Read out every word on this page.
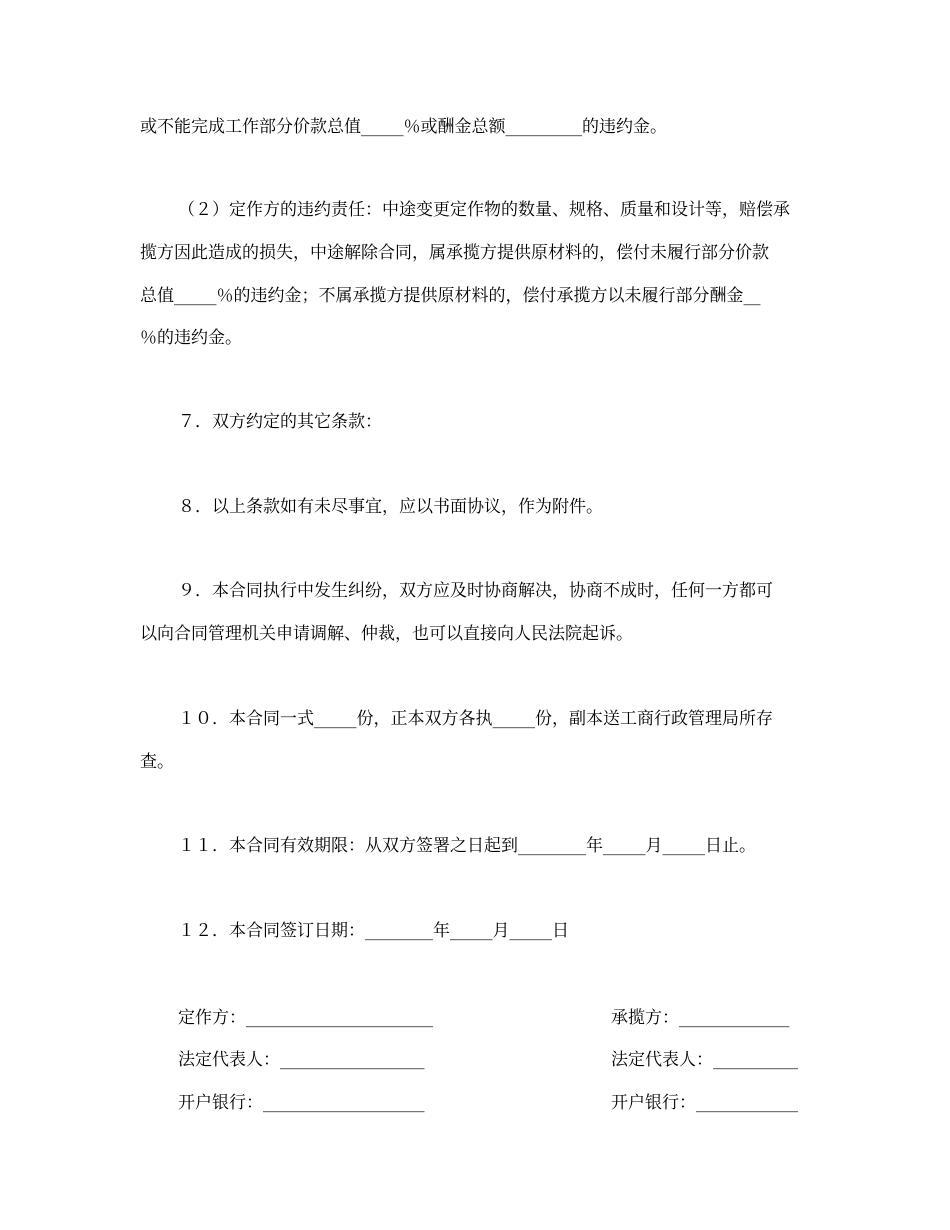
或不能完成工作部分价款总值_____％或酬金总额_________的违约金。
（２）定作方的违约责任：中途变更定作物的数量、规格、质量和设计等，赔偿承
揽方因此造成的损失，中途解除合同，属承揽方提供原材料的，偿付未履行部分价款
总值_____％的违约金；不属承揽方提供原材料的，偿付承揽方以未履行部分酬金__
％的违约金。
７．双方约定的其它条款：
８．以上条款如有未尽事宜，应以书面协议，作为附件。
９．本合同执行中发生纠纷，双方应及时协商解决，协商不成时，任何一方都可
以向合同管理机关申请调解、仲裁，也可以直接向人民法院起诉。
１０．本合同一式_____份，正本双方各执_____份，副本送工商行政管理局所存
查。
１１．本合同有效期限：从双方签署之日起到________年_____月_____日止。
１２．本合同签订日期：________年_____月_____日
定作方：______________________
法定代表人：_________________
开户银行：___________________
承揽方：_____________
法定代表人：__________
开户银行：____________
